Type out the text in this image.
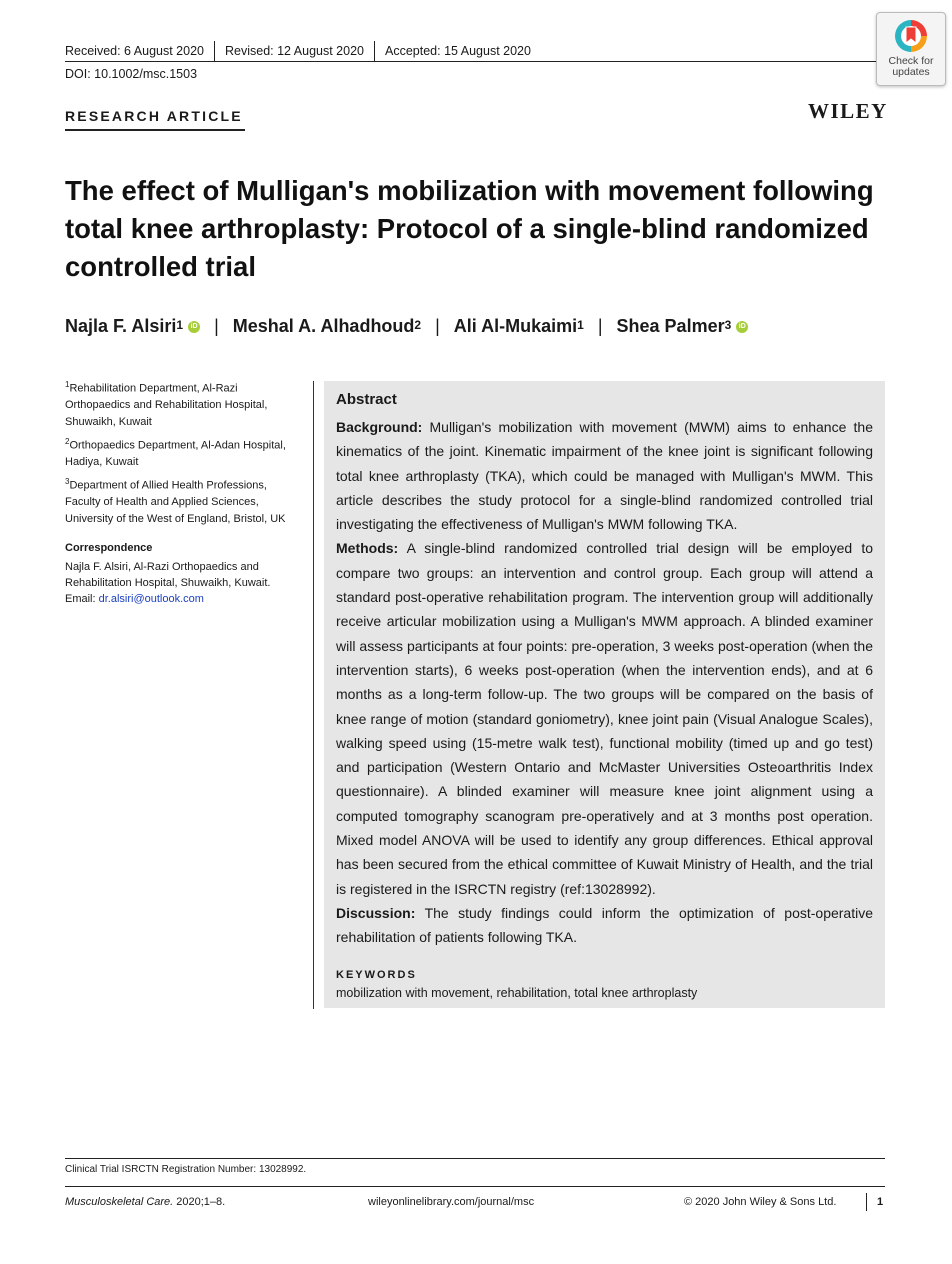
Received: 6 August 2020 Revised: 12 August 2020 Accepted: 15 August 2020
DOI: 10.1002/msc.1503
Check for
updates
RESEARCH ARTICLE	WILEY
The effect of Mulligan's mobilization with movement following total knee arthroplasty: Protocol of a single-blind randomized controlled trial
Najla F. Alsiri$^1$	iD | Meshal A. Alhadhoud$^2$ | Ali Al-Mukaimi$^1$ | Shea Palmer$^3$	iD
$^1$Rehabilitation Department, Al-Razi Orthopaedics and Rehabilitation Hospital, Shuwaikh, Kuwait
$^2$Orthopaedics Department, Al-Adan Hospital, Hadiya, Kuwait
$^3$Department of Allied Health Professions, Faculty of Health and Applied Sciences, University of the West of England, Bristol, UK
Correspondence
Najla F. Alsiri, Al-Razi Orthopaedics and Rehabilitation Hospital, Shuwaikh, Kuwait.
Email: dr.alsiri@outlook.com
Abstract

Background: Mulligan's mobilization with movement (MWM) aims to enhance the kinematics of the joint. Kinematic impairment of the knee joint is significant following total knee arthroplasty (TKA), which could be managed with Mulligan's MWM. This article describes the study protocol for a single-blind randomized controlled trial investigating the effectiveness of Mulligan's MWM following TKA.

Methods: A single-blind randomized controlled trial design will be employed to compare two groups: an intervention and control group. Each group will attend a standard post-operative rehabilitation program. The intervention group will additionally receive articular mobilization using a Mulligan's MWM approach. A blinded examiner will assess participants at four points: pre-operation, 3 weeks post-operation (when the intervention starts), 6 weeks post-operation (when the intervention ends), and at 6 months as a long-term follow-up. The two groups will be compared on the basis of knee range of motion (standard goniometry), knee joint pain (Visual Analogue Scales), walking speed using (15-metre walk test), functional mobility (timed up and go test) and participation (Western Ontario and McMaster Universities Osteoarthritis Index questionnaire). A blinded examiner will measure knee joint alignment using a computed tomography scanogram pre-operatively and at 3 months post operation. Mixed model ANOVA will be used to identify any group differences. Ethical approval has been secured from the ethical committee of Kuwait Ministry of Health, and the trial is registered in the ISRCTN registry (ref:13028992).

Discussion: The study findings could inform the optimization of post-operative rehabilitation of patients following TKA.

KEYWORDS
mobilization with movement, rehabilitation, total knee arthroplasty
Clinical Trial ISRCTN Registration Number: 13028992.
Musculoskeletal Care. 2020;1–8.	wileyonlinelibrary.com/journal/msc	© 2020 John Wiley & Sons Ltd.	1
